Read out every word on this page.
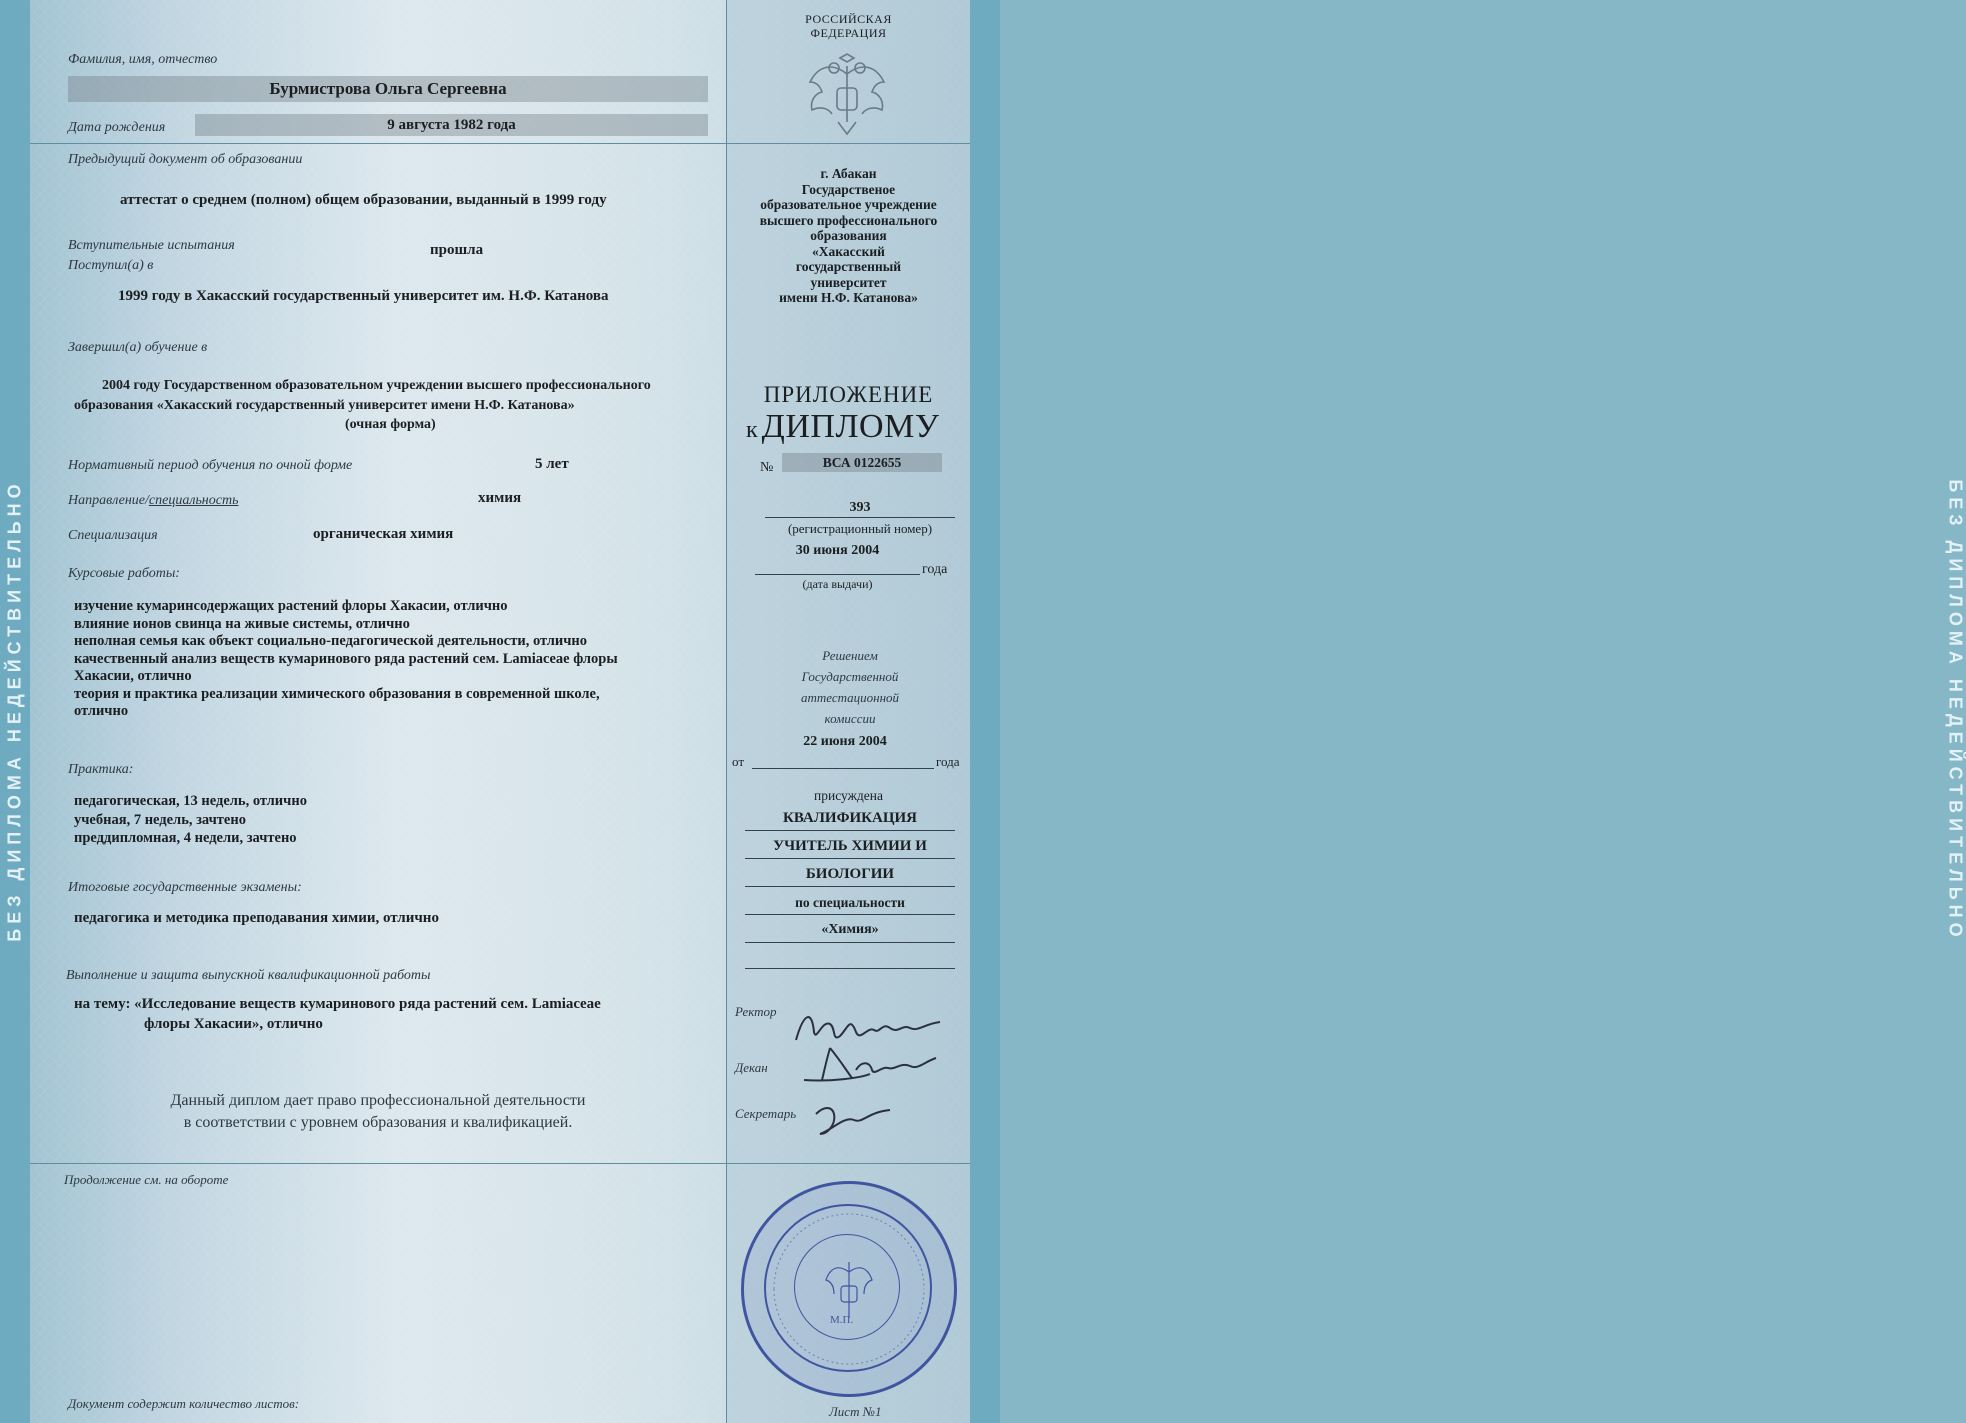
БЕЗ ДИПЛОМА НЕДЕЙСТВИТЕЛЬНО	БЕЗ ДИПЛОМА НЕДЕЙСТВИТЕЛЬНО
Фамилия, имя, отчество
Бурмистрова Ольга Сергеевна
Дата рождения	9 августа 1982 года
Предыдущий документ об образовании
аттестат о среднем (полном) общем образовании, выданный в 1999 году
Вступительные испытания	прошла
Поступил(а) в
1999 году в Хакасский государственный университет им. Н.Ф. Катанова
Завершил(а) обучение в
2004 году Государственном образовательном учреждении высшего профессионального
образования «Хакасский государственный университет имени Н.Ф. Катанова»
(очная форма)
Нормативный период обучения по очной форме	5 лет
Направление/специальность	химия
Специализация	органическая химия
Курсовые работы:
изучение кумаринсодержащих растений флоры Хакасии, отлично
влияние ионов свинца на живые системы, отлично
неполная семья как объект социально-педагогической деятельности, отлично
качественный анализ веществ кумаринового ряда растений сем. Lamiaceae флоры
Хакасии, отлично
теория и практика реализации химического образования в современной школе,
отлично
Практика:
педагогическая, 13 недель, отлично
учебная, 7 недель, зачтено
преддипломная, 4 недели, зачтено
Итоговые государственные экзамены:
педагогика и методика преподавания химии, отлично
Выполнение и защита выпускной квалификационной работы
на тему: «Исследование веществ кумаринового ряда растений сем. Lamiaceae
флоры Хакасии», отлично
Данный диплом дает право профессиональной деятельности
в соответствии с уровнем образования и квалификацией.
Продолжение см. на обороте
Документ содержит количество листов:
РОССИЙСКАЯ
ФЕДЕРАЦИЯ
г. Абакан
Государственое
образовательное учреждение
высшего профессионального
образования
«Хакасский
государственный
университет
имени Н.Ф. Катанова»
ПРИЛОЖЕНИЕ
к ДИПЛОМУ
№	ВСА 0122655
393
(регистрационный номер)
30 июня 2004
года
(дата выдачи)
Решением
Государственной
аттестационной
комиссии
22 июня 2004
от	года
присуждена
КВАЛИФИКАЦИЯ
УЧИТЕЛЬ ХИМИИ И
БИОЛОГИИ
по специальности
«Химия»
Ректор
Декан
Секретарь
М.П.
Лист №1
